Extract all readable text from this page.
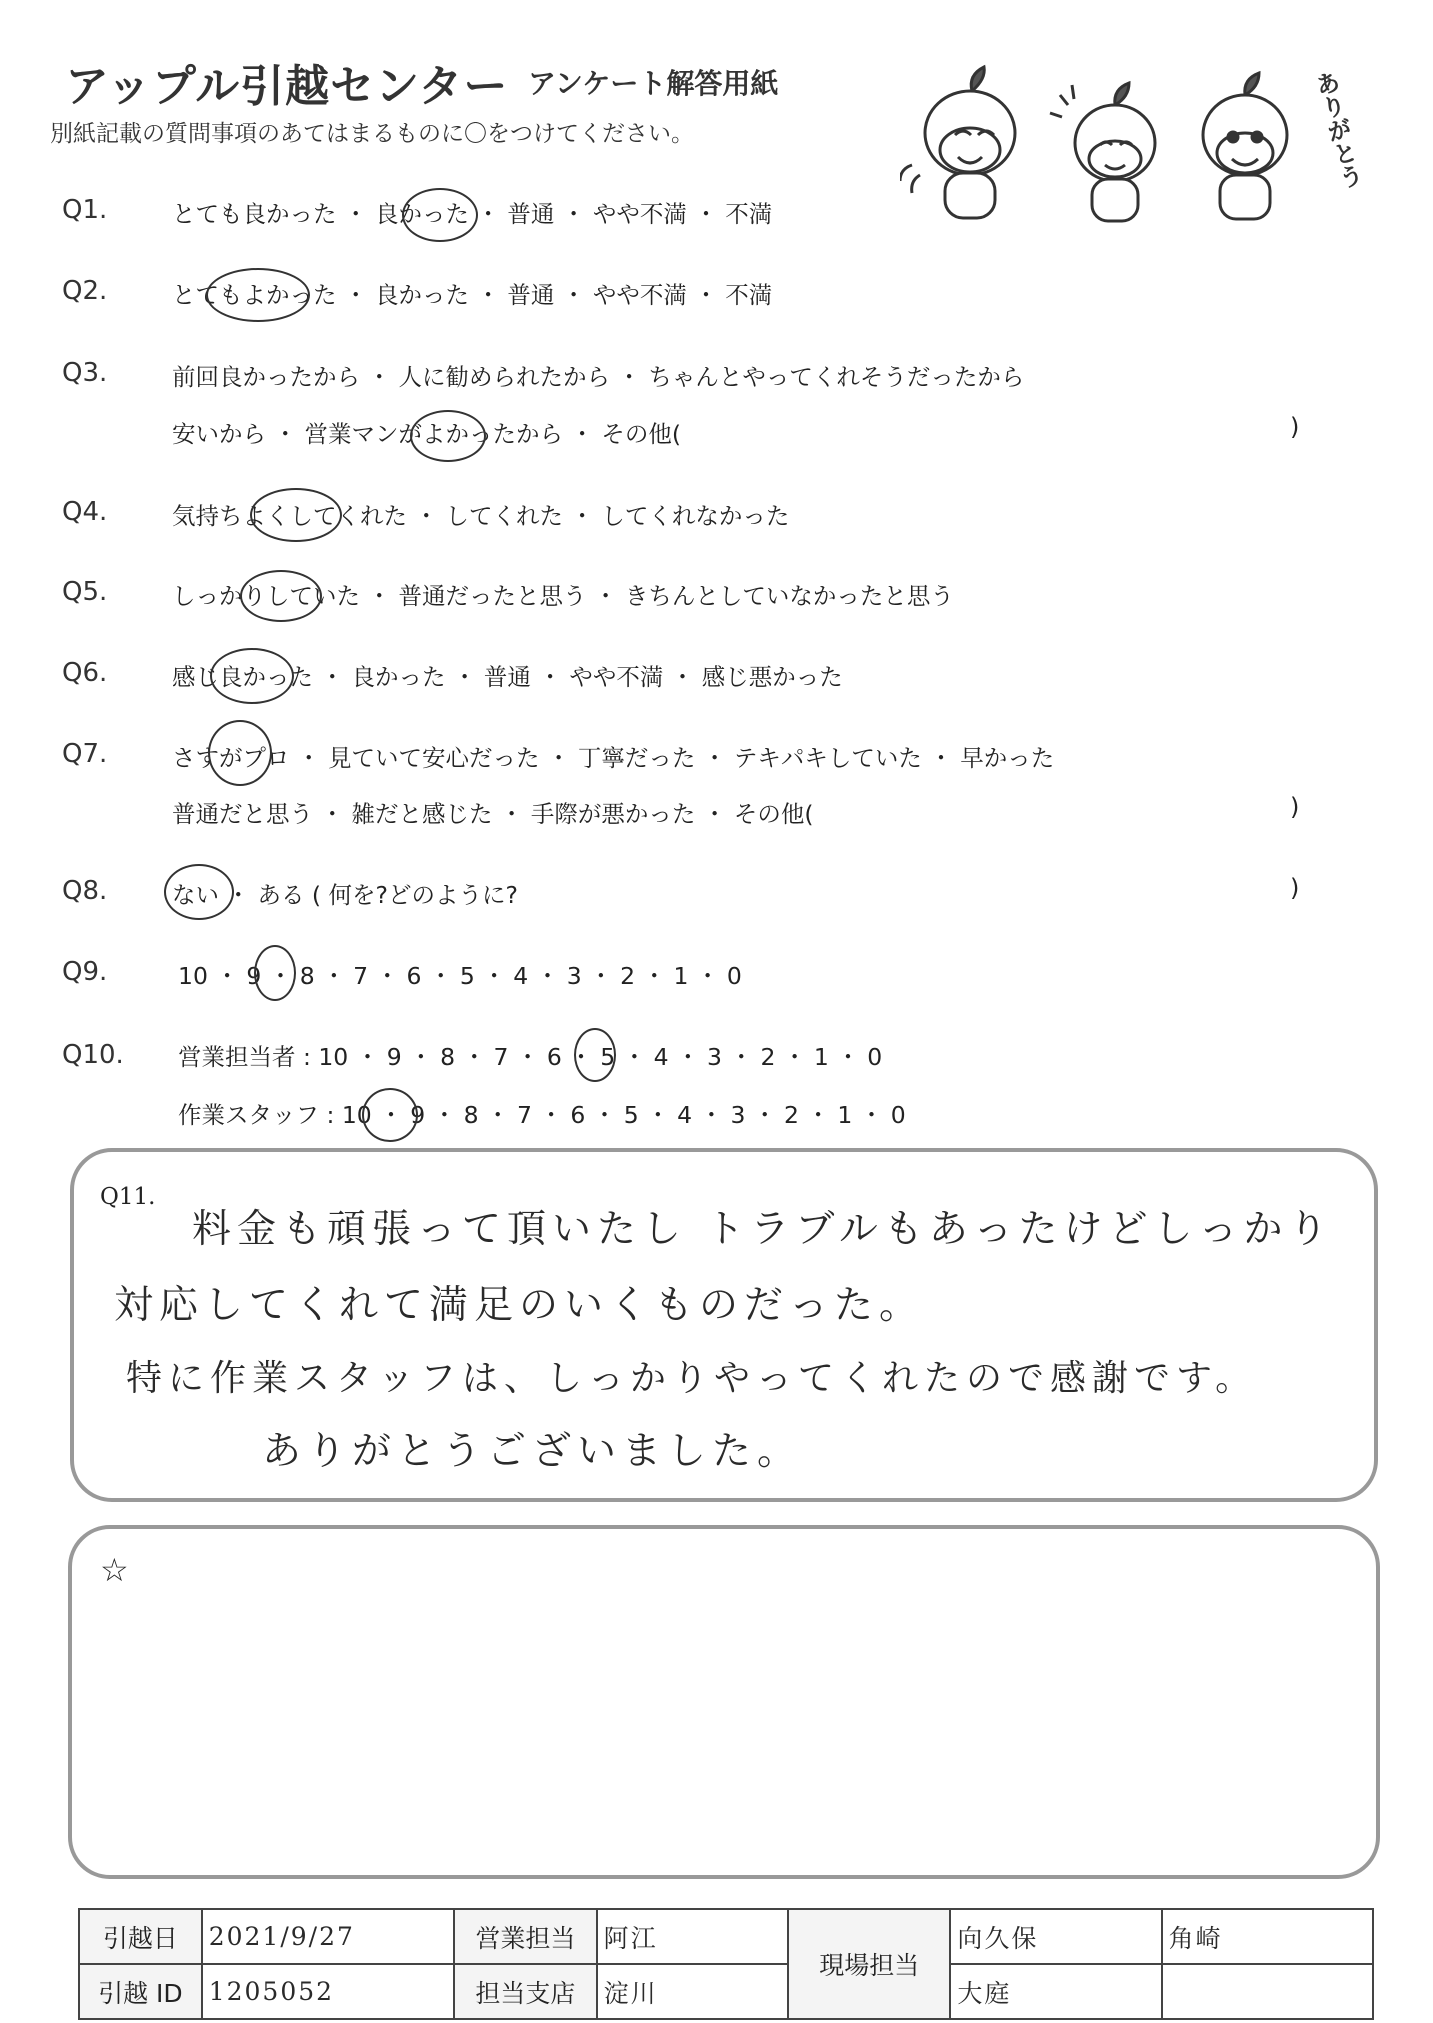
アップル引越センター アンケート解答用紙
別紙記載の質問事項のあてはまるものに〇をつけてください。	ありがとう
Q1.	とても良かった ・ 良かった ・ 普通 ・ やや不満 ・ 不満
Q2.	とてもよかった ・ 良かった ・ 普通 ・ やや不満 ・ 不満
Q3.	前回良かったから ・ 人に勧められたから ・ ちゃんとやってくれそうだったから
安いから ・ 営業マンがよかったから ・ その他(	)
Q4.	気持ちよくしてくれた ・ してくれた ・ してくれなかった
Q5.	しっかりしていた ・ 普通だったと思う ・ きちんとしていなかったと思う
Q6.	感じ良かった ・ 良かった ・ 普通 ・ やや不満 ・ 感じ悪かった
Q7.	さすがプロ ・ 見ていて安心だった ・ 丁寧だった ・ テキパキしていた ・ 早かった
普通だと思う ・ 雑だと感じた ・ 手際が悪かった ・ その他(	)
Q8.	ない ・ ある ( 何を?どのように?	)
Q9.	10 ・ 9 ・ 8 ・ 7 ・ 6 ・ 5 ・ 4 ・ 3 ・ 2 ・ 1 ・ 0
Q10. 営業担当者 : 10 ・ 9 ・ 8 ・ 7 ・ 6 ・ 5 ・ 4 ・ 3 ・ 2 ・ 1 ・ 0
作業スタッフ : 10 ・ 9 ・ 8 ・ 7 ・ 6 ・ 5 ・ 4 ・ 3 ・ 2 ・ 1 ・ 0
Q11.
料金も頑張って頂いたし トラブルもあったけどしっかり
対応してくれて満足のいくものだった。
特に作業スタッフは、しっかりやってくれたので感謝です。
ありがとうございました。
☆
引越日	2021/9/27	営業担当	阿江	現場担当	向久保	角崎
引越 ID	1205052	担当支店	淀川		大庭	
